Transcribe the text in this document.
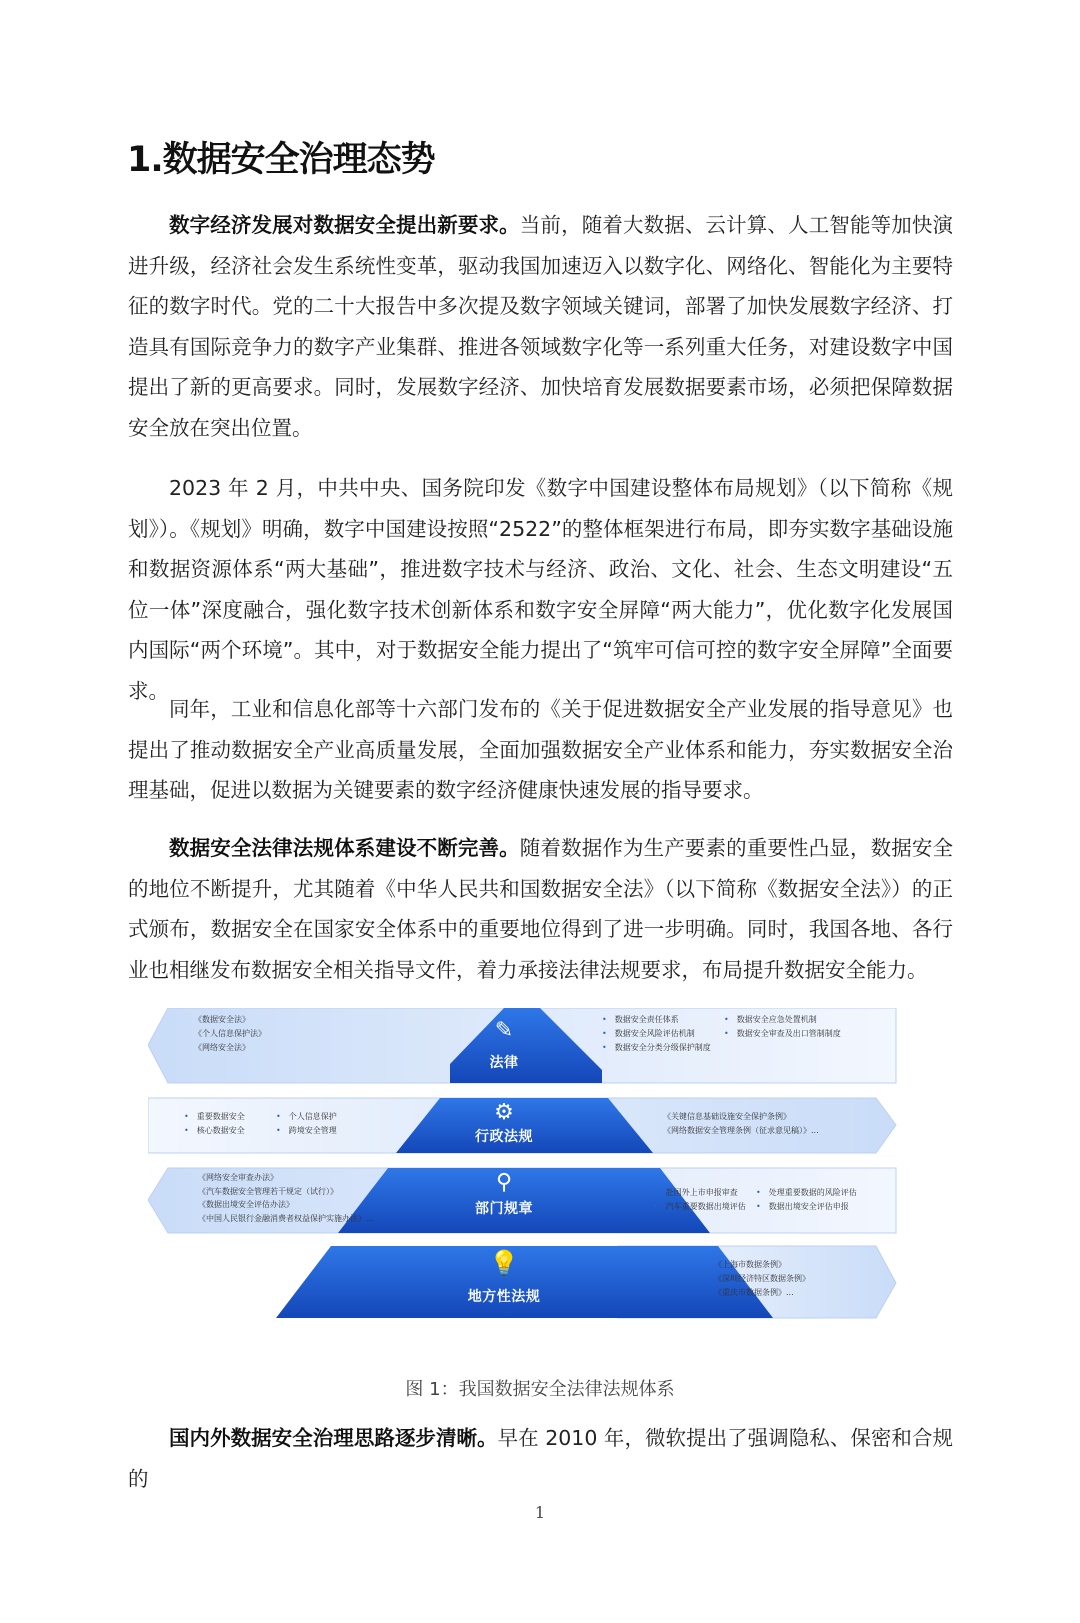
1.数据安全治理态势
数字经济发展对数据安全提出新要求。当前，随着大数据、云计算、人工智能等加快演进升级，经济社会发生系统性变革，驱动我国加速迈入以数字化、网络化、智能化为主要特征的数字时代。党的二十大报告中多次提及数字领域关键词，部署了加快发展数字经济、打造具有国际竞争力的数字产业集群、推进各领域数字化等一系列重大任务，对建设数字中国提出了新的更高要求。同时，发展数字经济、加快培育发展数据要素市场，必须把保障数据安全放在突出位置。
2023 年 2 月，中共中央、国务院印发《数字中国建设整体布局规划》（以下简称《规划》）。《规划》明确，数字中国建设按照“2522”的整体框架进行布局，即夯实数字基础设施和数据资源体系“两大基础”，推进数字技术与经济、政治、文化、社会、生态文明建设“五位一体”深度融合，强化数字技术创新体系和数字安全屏障“两大能力”，优化数字化发展国内国际“两个环境”。其中，对于数据安全能力提出了“筑牢可信可控的数字安全屏障”全面要求。
同年，工业和信息化部等十六部门发布的《关于促进数据安全产业发展的指导意见》也提出了推动数据安全产业高质量发展，全面加强数据安全产业体系和能力，夯实数据安全治理基础，促进以数据为关键要素的数字经济健康快速发展的指导要求。
数据安全法律法规体系建设不断完善。随着数据作为生产要素的重要性凸显，数据安全的地位不断提升，尤其随着《中华人民共和国数据安全法》（以下简称《数据安全法》）的正式颁布，数据安全在国家安全体系中的重要地位得到了进一步明确。同时，我国各地、各行业也相继发布数据安全相关指导文件，着力承接法律法规要求，布局提升数据安全能力。
《数据安全法》
《个人信息保护法》
《网络安全法》
✎
法律
• 数据安全责任体系
• 数据安全风险评估机制
• 数据安全分类分级保护制度
• 数据安全应急处置机制
• 数据安全审查及出口管制制度
• 重要数据安全
• 核心数据安全
• 个人信息保护
• 跨境安全管理
⚙
行政法规
《关键信息基础设施安全保护条例》
《网络数据安全管理条例（征求意见稿）》...
《网络安全审查办法》
《汽车数据安全管理若干规定（试行）》
《数据出境安全评估办法》
《中国人民银行金融消费者权益保护实施办法》...
⚲
部门规章
• 赴国外上市申报审查
• 汽车重要数据出境评估
• 处理重要数据的风险评估
• 数据出境安全评估申报
💡
地方性法规
《上海市数据条例》
《深圳经济特区数据条例》
《重庆市数据条例》...
图 1：我国数据安全法律法规体系
国内外数据安全治理思路逐步清晰。早在 2010 年，微软提出了强调隐私、保密和合规的
1
